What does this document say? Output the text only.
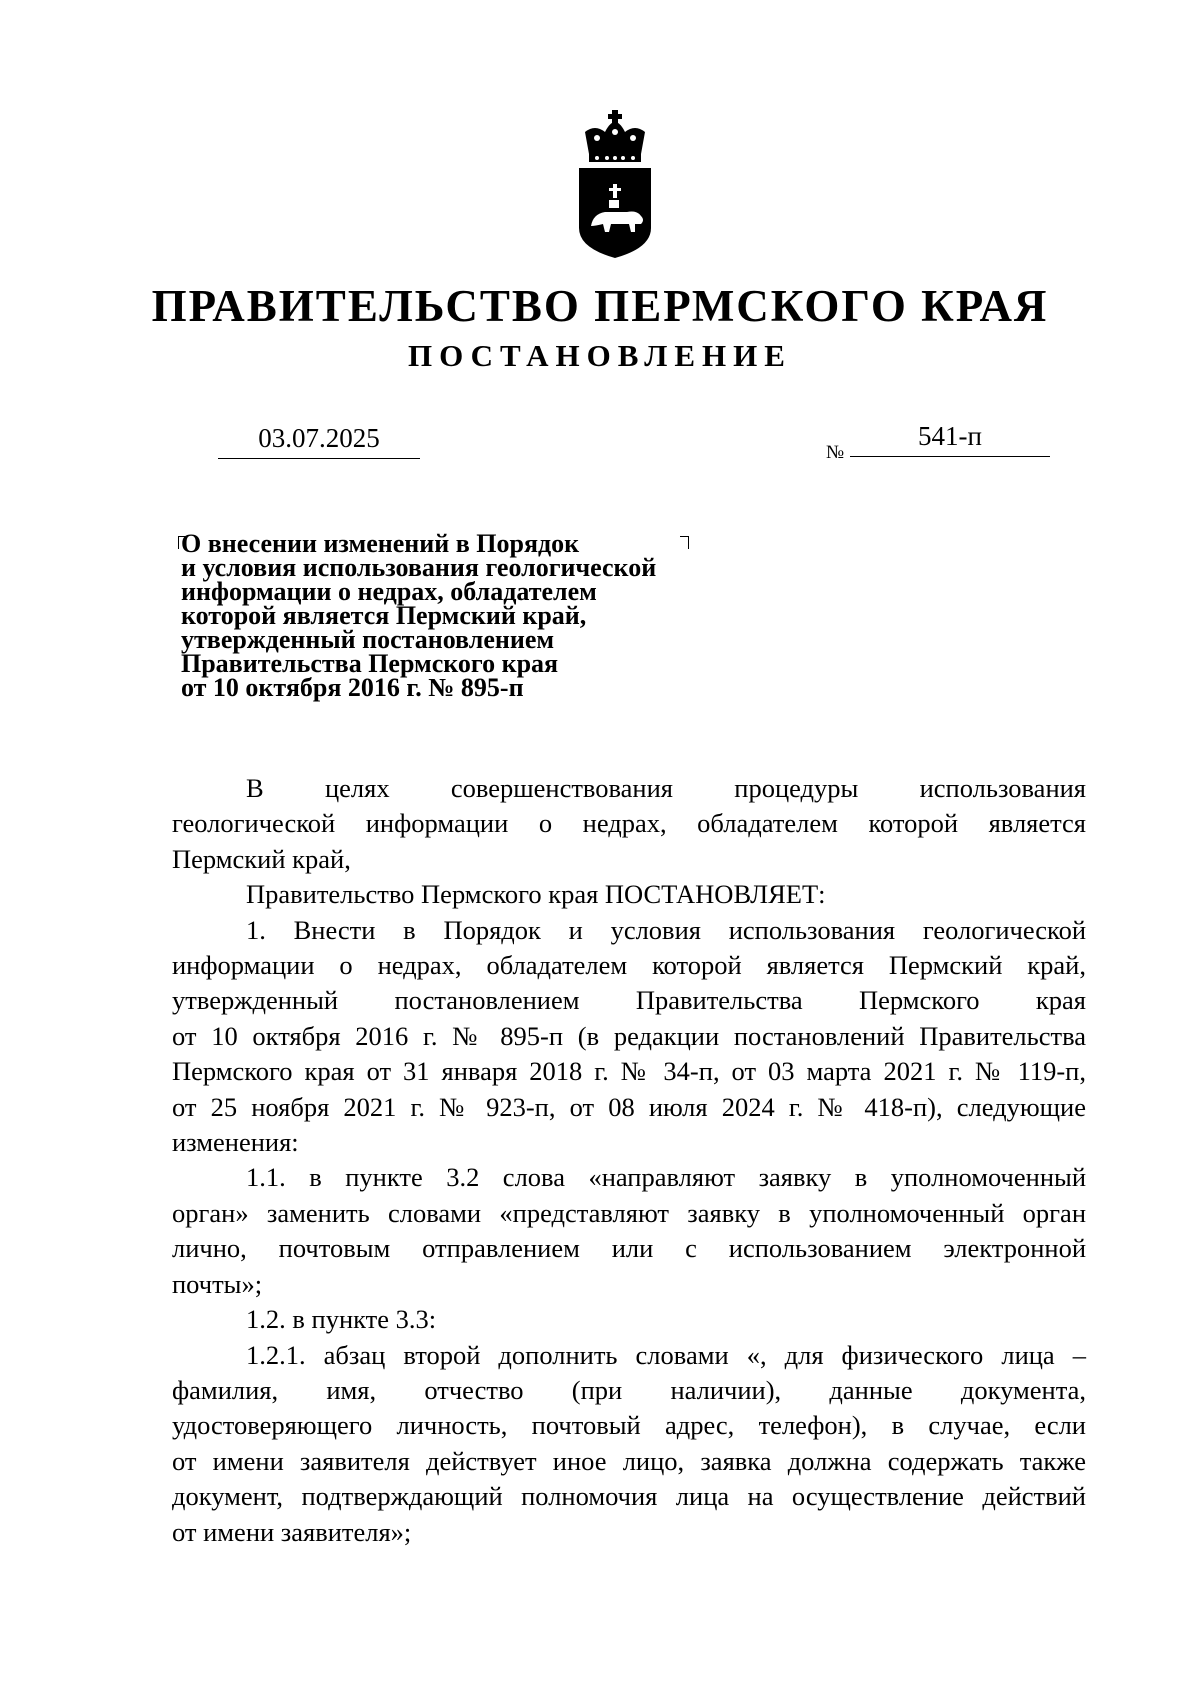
ПРАВИТЕЛЬСТВО ПЕРМСКОГО КРАЯ
ПОСТАНОВЛЕНИЕ
03.07.2025	№
541-п
О внесении изменений в Порядок
и условия использования геологической
информации о недрах, обладателем
которой является Пермский край,
утвержденный постановлением
Правительства Пермского края
от 10 октября 2016 г. № 895-п
В целях совершенствования процедуры использования
геологической информации о недрах, обладателем которой является
Пермский край,
Правительство Пермского края ПОСТАНОВЛЯЕТ:
1. Внести в Порядок и условия использования геологической
информации о недрах, обладателем которой является Пермский край,
утвержденный постановлением Правительства Пермского края
от 10 октября 2016 г. № 895-п (в редакции постановлений Правительства
Пермского края от 31 января 2018 г. № 34-п, от 03 марта 2021 г. № 119-п,
от 25 ноября 2021 г. № 923-п, от 08 июля 2024 г. № 418-п), следующие
изменения:
1.1. в пункте 3.2 слова «направляют заявку в уполномоченный
орган» заменить словами «представляют заявку в уполномоченный орган
лично, почтовым отправлением или с использованием электронной
почты»;
1.2. в пункте 3.3:
1.2.1. абзац второй дополнить словами «, для физического лица –
фамилия, имя, отчество (при наличии), данные документа,
удостоверяющего личность, почтовый адрес, телефон), в случае, если
от имени заявителя действует иное лицо, заявка должна содержать также
документ, подтверждающий полномочия лица на осуществление действий
от имени заявителя»;
